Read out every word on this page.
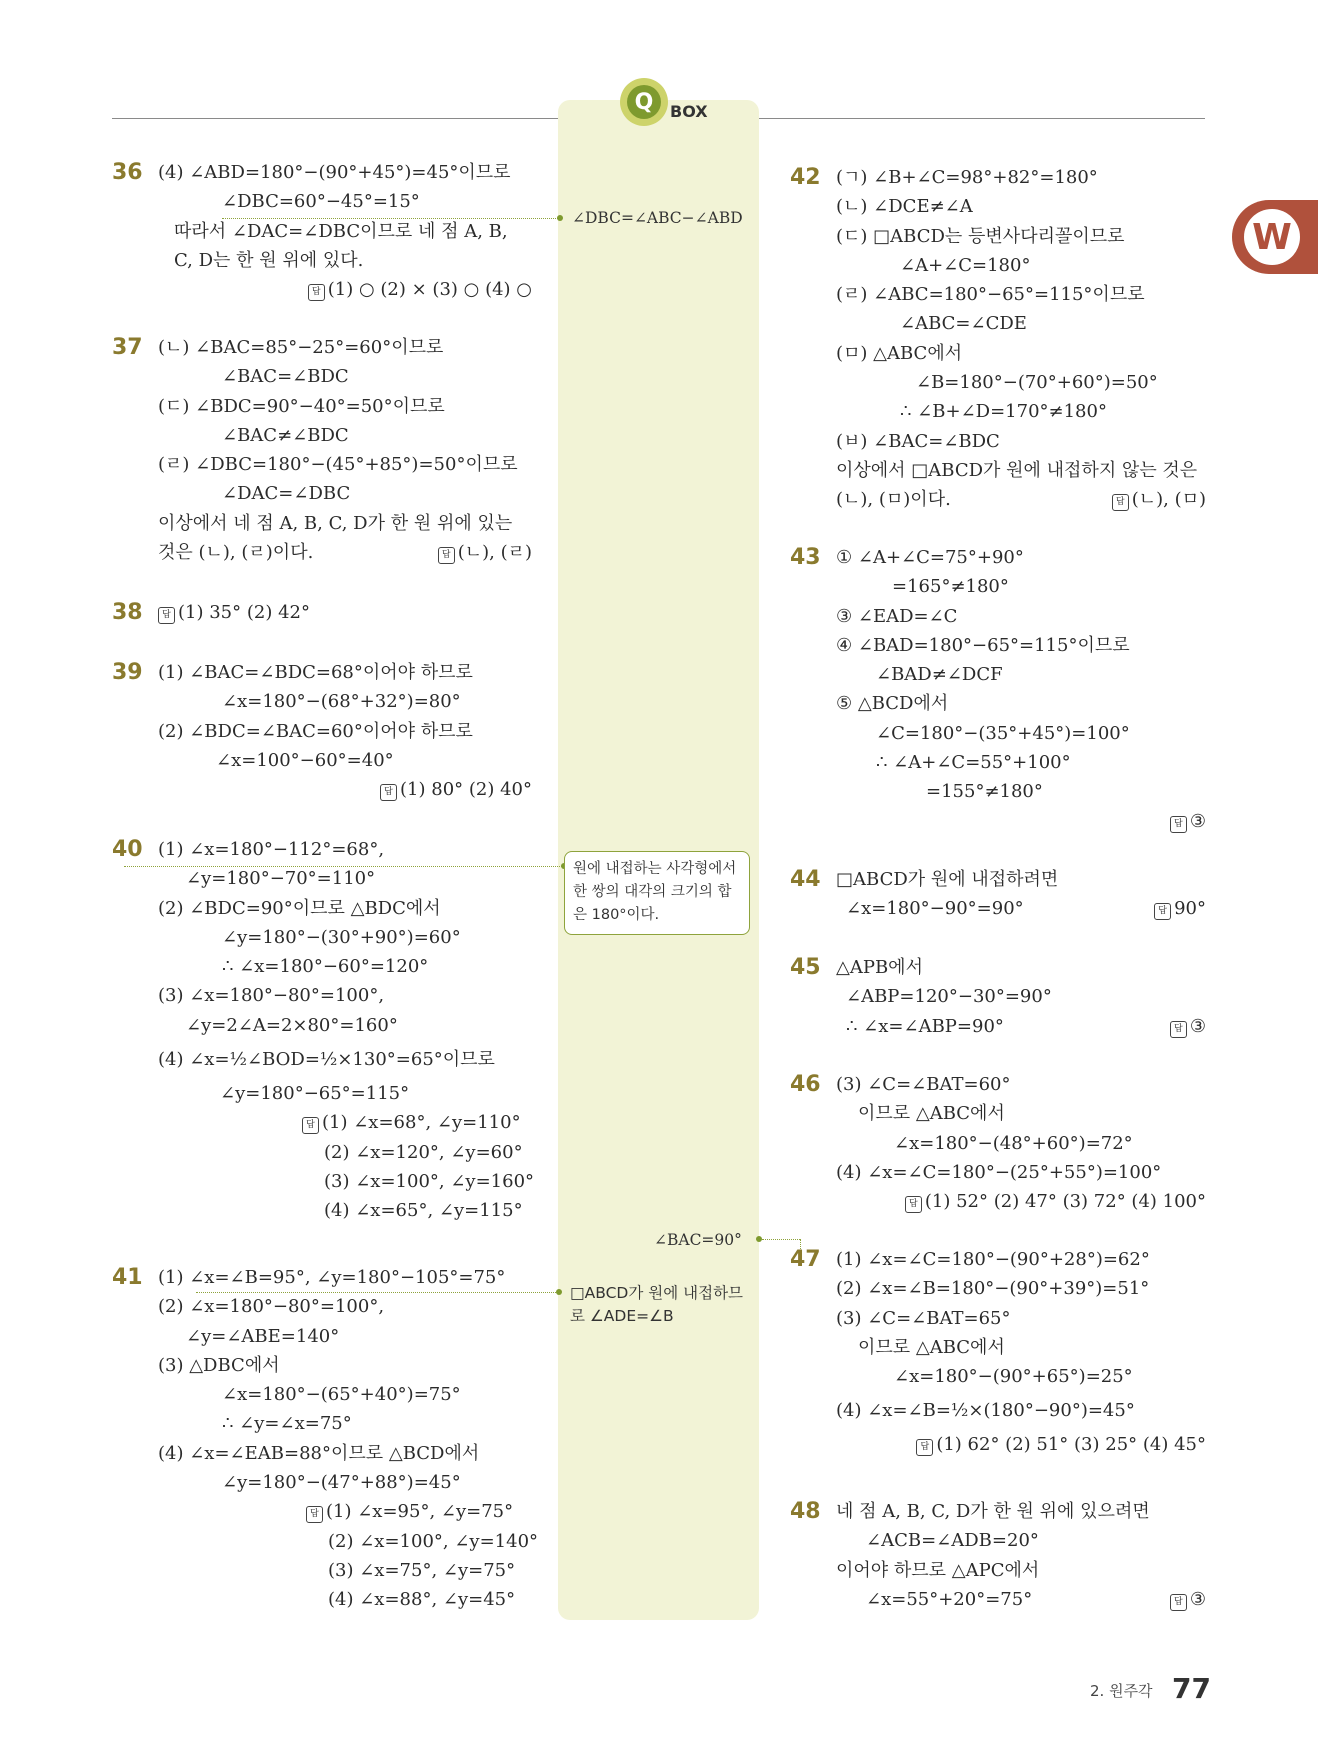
Q	BOX
W
36 (4) ∠ABD=180°−(90°+45°)=45°이므로
∠DBC=60°−45°=15°
따라서 ∠DAC=∠DBC이므로 네 점 A, B,
C, D는 한 원 위에 있다.
답 (1) ○ (2) × (3) ○ (4) ○
37 (ㄴ) ∠BAC=85°−25°=60°이므로
∠BAC=∠BDC
(ㄷ) ∠BDC=90°−40°=50°이므로
∠BAC≠∠BDC
(ㄹ) ∠DBC=180°−(45°+85°)=50°이므로
∠DAC=∠DBC
이상에서 네 점 A, B, C, D가 한 원 위에 있는
것은 (ㄴ), (ㄹ)이다.	답 (ㄴ), (ㄹ)
38	답 (1) 35° (2) 42°
39 (1) ∠BAC=∠BDC=68°이어야 하므로
∠x=180°−(68°+32°)=80°
(2) ∠BDC=∠BAC=60°이어야 하므로
∠x=100°−60°=40°
답 (1) 80° (2) 40°
40 (1) ∠x=180°−112°=68°,
∠y=180°−70°=110°
(2) ∠BDC=90°이므로 △BDC에서
∠y=180°−(30°+90°)=60°
∴ ∠x=180°−60°=120°
(3) ∠x=180°−80°=100°,
∠y=2∠A=2×80°=160°
(4) ∠x=½∠BOD=½×130°=65°이므로
∠y=180°−65°=115°
답 (1) ∠x=68°, ∠y=110°
(2) ∠x=120°, ∠y=60°
(3) ∠x=100°, ∠y=160°
(4) ∠x=65°, ∠y=115°
41 (1) ∠x=∠B=95°, ∠y=180°−105°=75°
(2) ∠x=180°−80°=100°,
∠y=∠ABE=140°
(3) △DBC에서
∠x=180°−(65°+40°)=75°
∴ ∠y=∠x=75°
(4) ∠x=∠EAB=88°이므로 △BCD에서
∠y=180°−(47°+88°)=45°
답 (1) ∠x=95°, ∠y=75°
(2) ∠x=100°, ∠y=140°
(3) ∠x=75°, ∠y=75°
(4) ∠x=88°, ∠y=45°
∠DBC=∠ABC−∠ABD
원에 내접하는 사각형에서 한 쌍의 대각의 크기의 합은 180°이다.
∠BAC=90°
□ABCD가 원에 내접하므로 ∠ADE=∠B
42 (ㄱ) ∠B+∠C=98°+82°=180°
(ㄴ) ∠DCE≠∠A
(ㄷ) □ABCD는 등변사다리꼴이므로
∠A+∠C=180°
(ㄹ) ∠ABC=180°−65°=115°이므로
∠ABC=∠CDE
(ㅁ) △ABC에서
∠B=180°−(70°+60°)=50°
∴ ∠B+∠D=170°≠180°
(ㅂ) ∠BAC=∠BDC
이상에서 □ABCD가 원에 내접하지 않는 것은
(ㄴ), (ㅁ)이다.	답 (ㄴ), (ㅁ)
43 ① ∠A+∠C=75°+90°
=165°≠180°
③ ∠EAD=∠C
④ ∠BAD=180°−65°=115°이므로
∠BAD≠∠DCF
⑤ △BCD에서
∠C=180°−(35°+45°)=100°
∴ ∠A+∠C=55°+100°
=155°≠180°
답 ③
44 □ABCD가 원에 내접하려면
∠x=180°−90°=90°	답 90°
45 △APB에서
∠ABP=120°−30°=90°
∴ ∠x=∠ABP=90°	답 ③
46 (3) ∠C=∠BAT=60°
이므로 △ABC에서
∠x=180°−(48°+60°)=72°
(4) ∠x=∠C=180°−(25°+55°)=100°
답 (1) 52° (2) 47° (3) 72° (4) 100°
47 (1) ∠x=∠C=180°−(90°+28°)=62°
(2) ∠x=∠B=180°−(90°+39°)=51°
(3) ∠C=∠BAT=65°
이므로 △ABC에서
∠x=180°−(90°+65°)=25°
(4) ∠x=∠B=½×(180°−90°)=45°
답 (1) 62° (2) 51° (3) 25° (4) 45°
48 네 점 A, B, C, D가 한 원 위에 있으려면
∠ACB=∠ADB=20°
이어야 하므로 △APC에서
∠x=55°+20°=75°	답 ③
2. 원주각 77
